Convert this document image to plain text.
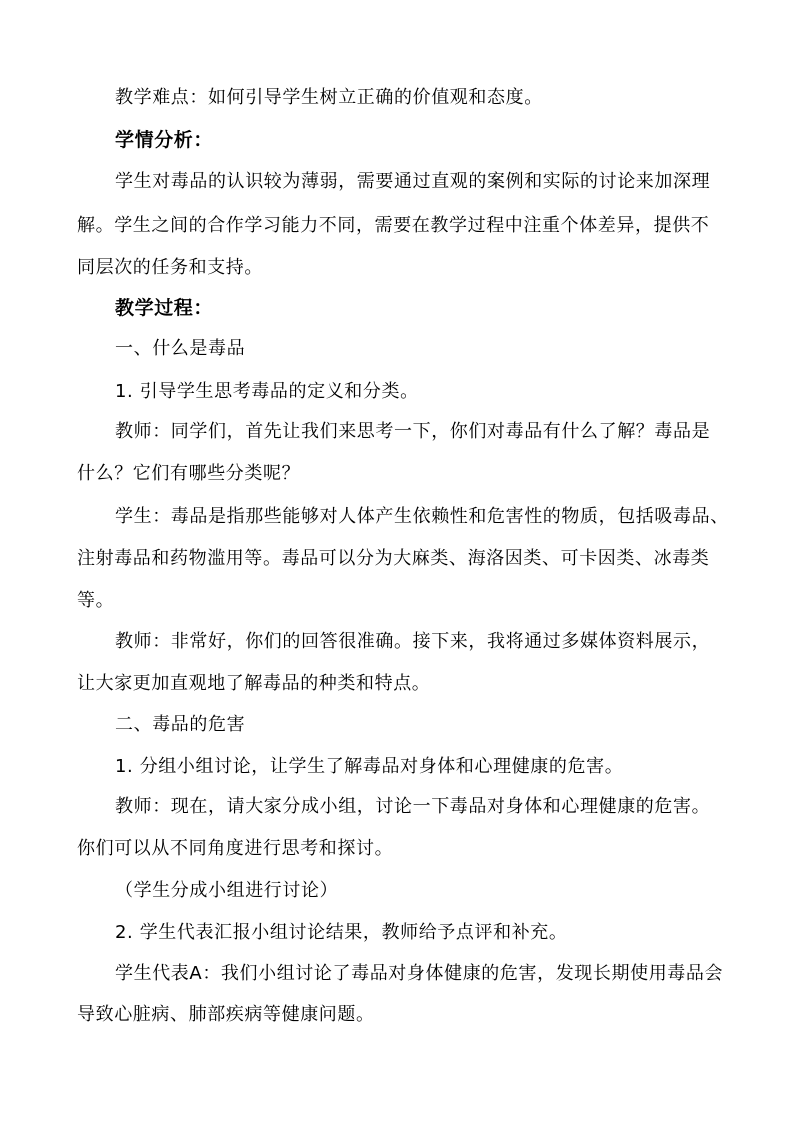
教学难点：如何引导学生树立正确的价值观和态度。
学情分析：
学生对毒品的认识较为薄弱，需要通过直观的案例和实际的讨论来加深理
解。学生之间的合作学习能力不同，需要在教学过程中注重个体差异，提供不
同层次的任务和支持。
教学过程：
一、什么是毒品
1. 引导学生思考毒品的定义和分类。
教师：同学们，首先让我们来思考一下，你们对毒品有什么了解？毒品是
什么？它们有哪些分类呢？
学生：毒品是指那些能够对人体产生依赖性和危害性的物质，包括吸毒品、
注射毒品和药物滥用等。毒品可以分为大麻类、海洛因类、可卡因类、冰毒类
等。
教师：非常好，你们的回答很准确。接下来，我将通过多媒体资料展示，
让大家更加直观地了解毒品的种类和特点。
二、毒品的危害
1. 分组小组讨论，让学生了解毒品对身体和心理健康的危害。
教师：现在，请大家分成小组，讨论一下毒品对身体和心理健康的危害。
你们可以从不同角度进行思考和探讨。
（学生分成小组进行讨论）
2. 学生代表汇报小组讨论结果，教师给予点评和补充。
学生代表A：我们小组讨论了毒品对身体健康的危害，发现长期使用毒品会
导致心脏病、肺部疾病等健康问题。
